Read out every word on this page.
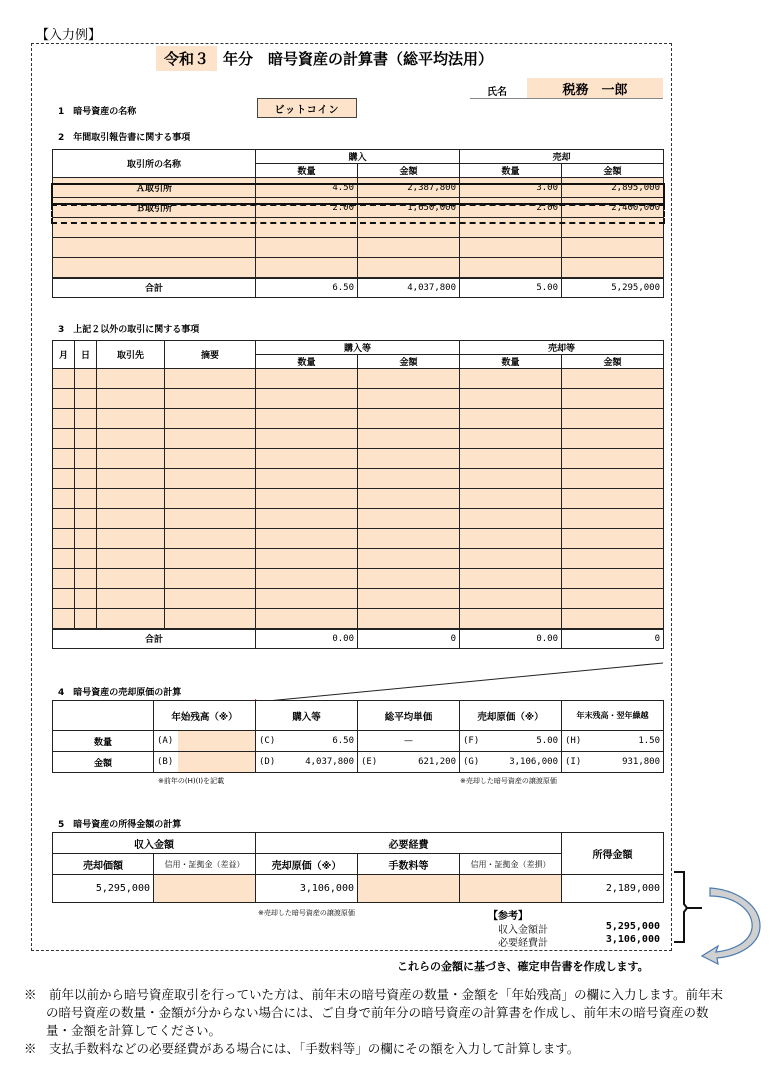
【入力例】
令和３ 年分　暗号資産の計算書（総平均法用）
氏名	税務　一郎
1　暗号資産の名称	ビットコイン
2　年間取引報告書に関する事項
取引所の名称	購入		売却	
	数量	金額	数量	金額
Ａ取引所	4.50	2,387,800	3.00	2,895,000
Ｂ取引所	2.00	1,650,000	2.00	2,400,000

合計	6.50	4,037,800	5.00	5,295,000
3　上記２以外の取引に関する事項
月	日	取引先	摘要	購入等		売却等	
				数量	金額	数量	金額

合計				0.00	0	0.00	0
4　暗号資産の売却原価の計算
	年始残高（※）	購入等	総平均単価	売却原価（※）	年末残高・翌年繰越
数量	(A)	(C) 6.50	—	(F) 5.00	(H) 1.50

金額	(B)	(D) 4,037,800	(E) 621,200	(G) 3,106,000	(I) 931,800
※前年の(H)(I)を記載	※売却した暗号資産の譲渡原価
5　暗号資産の所得金額の計算
収入金額		必要経費			所得金額
売却価額	信用・証拠金（差益）	売却原価（※）	手数料等	信用・証拠金（差損）	
5,295,000		3,106,000			2,189,000
※売却した暗号資産の譲渡原価	【参考】
収入金額計	5,295,000
必要経費計	3,106,000
これらの金額に基づき、確定申告書を作成します。

※　前年以前から暗号資産取引を行っていた方は、前年末の暗号資産の数量・金額を「年始残高」の欄に入力します。前年末の暗号資産の数量・金額が分からない場合には、ご自身で前年分の暗号資産の計算書を作成し、前年末の暗号資産の数量・金額を計算してください。

※　支払手数料などの必要経費がある場合には、「手数料等」の欄にその額を入力して計算します。
